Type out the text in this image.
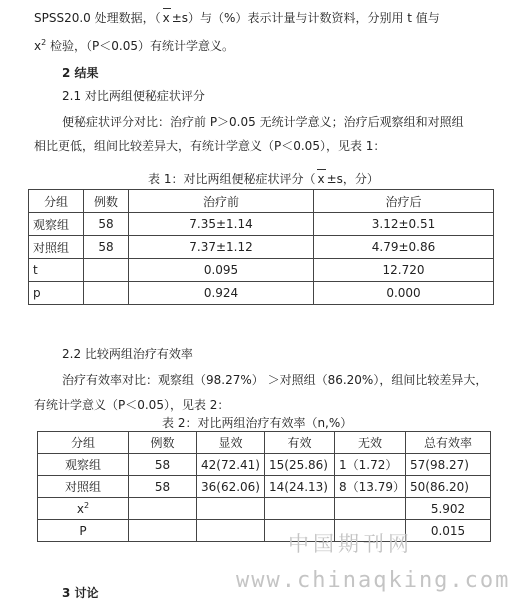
SPSS20.0 处理数据，（ x ±s）与（%）表示计量与计数资料，分别用 t 值与
$x^2$ 检验，（P＜0.05）有统计学意义。
2 结果
2.1 对比两组便秘症状评分
便秘症状评分对比：治疗前 P＞0.05 无统计学意义；治疗后观察组和对照组
相比更低，组间比较差异大，有统计学意义（P＜0.05），见表 1：
表 1：对比两组便秘症状评分（ x ±s，分）
分组	例数	治疗前	治疗后
观察组	58	7.35±1.14	3.12±0.51
对照组	58	7.37±1.12	4.79±0.86
t		0.095	12.720
p		0.924	0.000
2.2 比较两组治疗有效率
治疗有效率对比：观察组（98.27%） ＞对照组（86.20%），组间比较差异大，
有统计学意义（P＜0.05），见表 2：
表 2：对比两组治疗有效率（n,%）
分组	例数	显效	有效	无效	总有效率
观察组	58	42(72.41)	15(25.86)	1（1.72）	57(98.27)
对照组	58	36(62.06)	14(24.13)	8（13.79）	50(86.20)
$x^2$					5.902
P					0.015
中国期刊网
www.chinaqking.com
3 讨论
